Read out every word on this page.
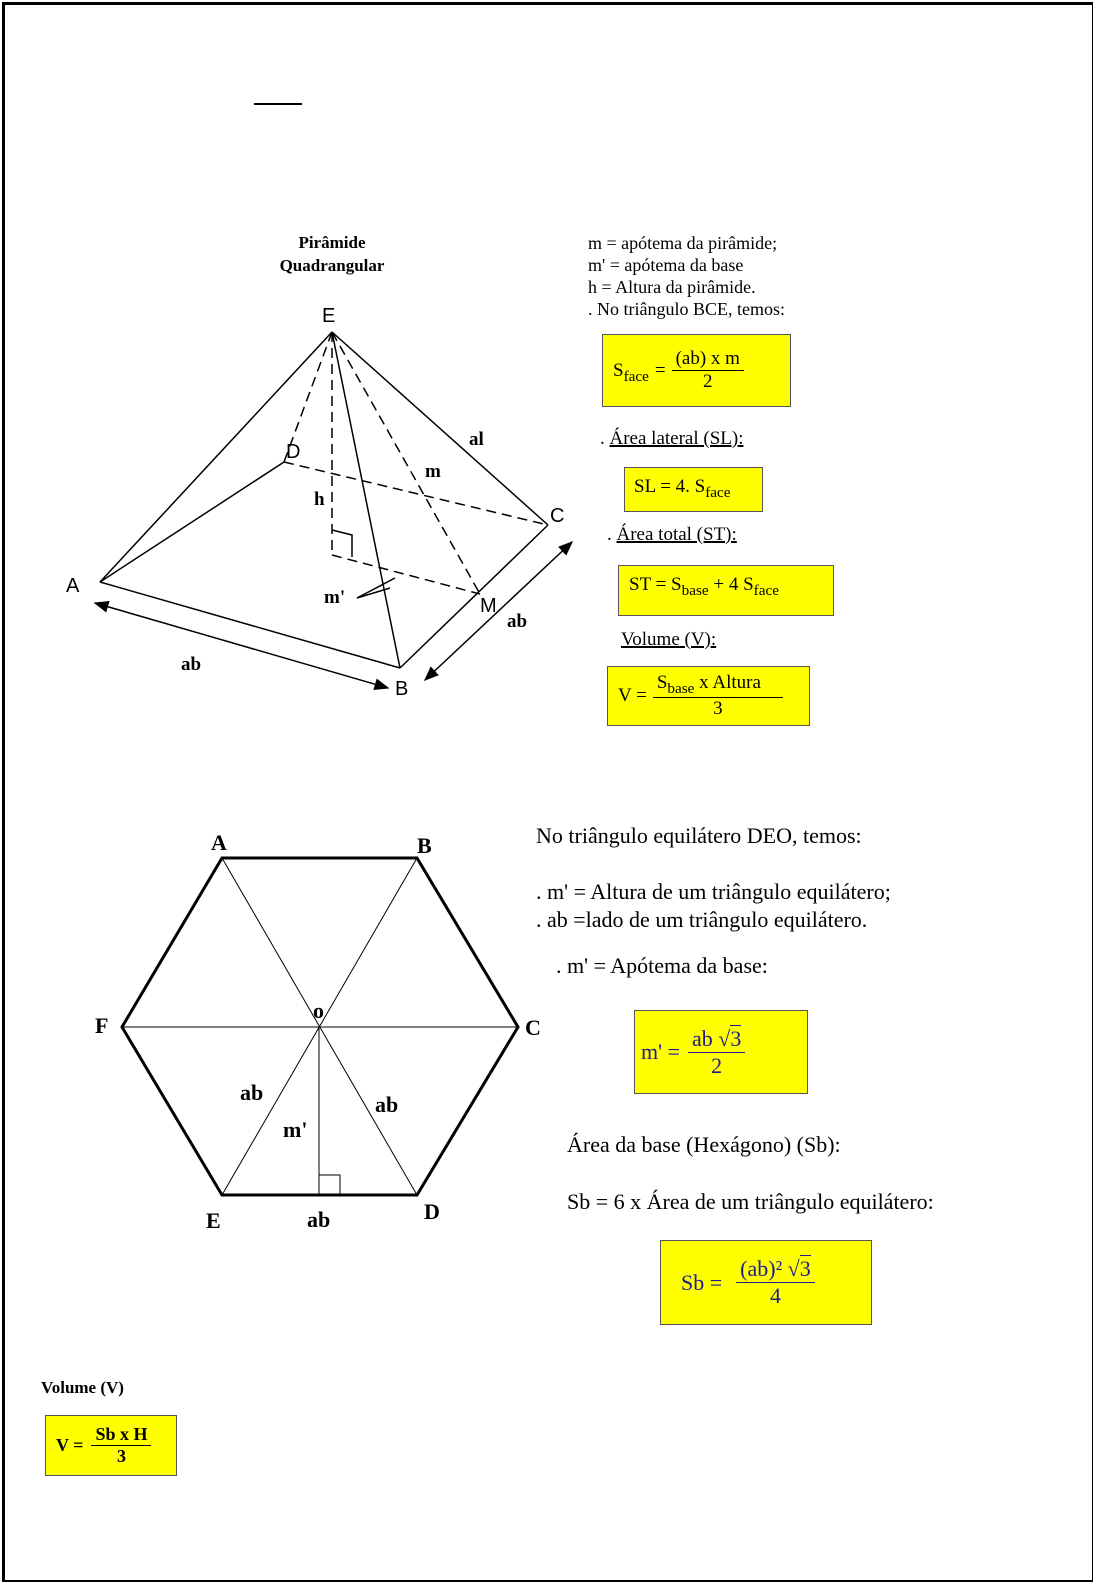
Pirâmide
Quadrangular
E
A
B
C
D
M
h
m
m'
al
ab
ab
A	B
C
D
E
F
o
ab	ab
ab
m'
m = apótema da pirâmide;
m' = apótema da base
h = Altura da pirâmide.
. No triângulo BCE, temos:
$S_{face} = \frac{\text{(ab) x m}}{2}$
. Área lateral (SL):
SL = 4. $S_{face}$
. Área total (ST):
ST = $S_{base} + 4$ $S_{face}$
Volume (V):
$V = \frac{S_{base} x Altura}{3}$
No triângulo equilátero DEO, temos:
. m' = Altura de um triângulo equilátero;
. ab =lado de um triângulo equilátero.
. m' = Apótema da base:
$m' = \frac{ab √3}{2}$
Área da base (Hexágono) (Sb):
Sb = 6 x Área de um triângulo equilátero:
$Sb = \frac{\text{(ab)² √3}}{4}$
Volume (V)
$V = \frac{\text{Sb x H}}{3}$
